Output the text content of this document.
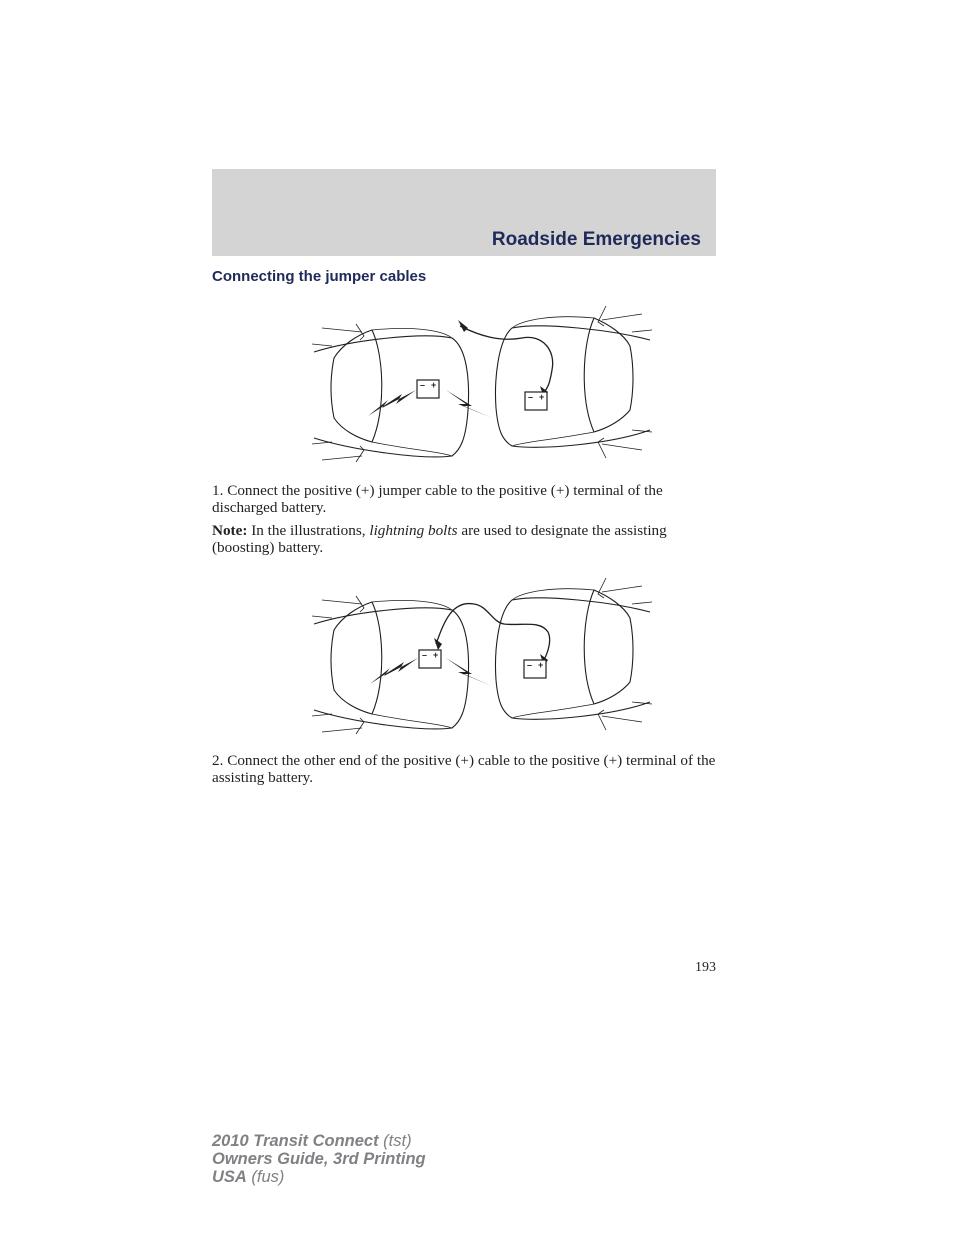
Roadside Emergencies
Connecting the jumper cables
– +
– +

1. Connect the positive (+) jumper cable to the positive (+) terminal of the discharged battery.

Note: In the illustrations, lightning bolts are used to designate the assisting (boosting) battery.

– +
– +

2. Connect the other end of the positive (+) cable to the positive (+) terminal of the assisting battery.

193
2010 Transit Connect (tst)
Owners Guide, 3rd Printing
USA (fus)
